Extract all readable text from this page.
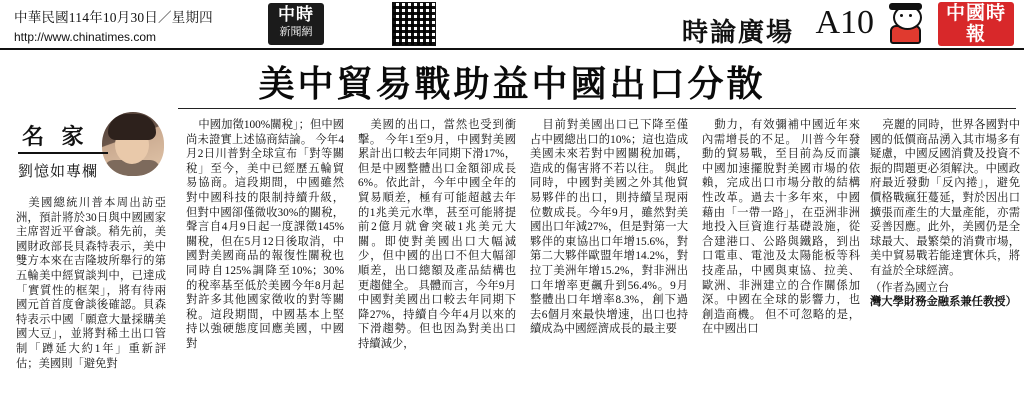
中華民國114年10月30日／星期四
http://www.chinatimes.com
中時
新聞網	時論廣場 A10	中國時報
美中貿易戰助益中國出口分散
名 家
劉憶如專欄

美國總統川普本周出訪亞洲，預計將於30日與中國國家主席習近平會談。稍先前，美國財政部長貝森特表示，美中雙方本來在吉隆坡所舉行的第五輪美中經貿談判中，已達成「實質性的框架」，將有待兩國元首首度會談後確認。貝森特表示中國「願意大量採購美國大豆」，並將對稀土出口管制「蹲延大約1年」重新評估；美國則「避免對

中國加徵100%關稅」；但中國尚未證實上述協商結論。 今年4月2日川普對全球宣布「對等關稅」至今，美中已經歷五輪貿易協商。這段期間，中國雖然對中國科技的限制持續升級，但對中國卻僅微收30%的關稅，聲言自4月9日起一度課徵145%關稅，但在5月12日後取消，中國對美國商品的報復性關稅也同時自125%調降至10%；30%的稅率基至低於美國今年8月起對許多其他國家徵收的對等關稅。這段期間，中國基本上堅持以強硬態度回應美國，中國對

美國的出口，當然也受到衝擊。 今年1至9月，中國對美國累計出口較去年同期下滑17%，但是中國整體出口金額卻成長6%。依此計，今年中國全年的貿易順差，極有可能超越去年的1兆美元水準，甚至可能將提前2億月就會突破1兆美元大關。即使對美國出口大幅減少，但中國的出口不但大幅卻順差，出口總額及產品結構也更趨健全。 具體而言，今年9月中國對美國出口較去年同期下降27%，持續自今年4月以來的下滑趨勢。但也因為對美出口持續減少，

目前對美國出口已下降至僅占中國總出口的10%；這也造成美國未來若對中國關稅加碼，造成的傷害將不若以往。 與此同時，中國對美國之外其他貿易夥伴的出口，則持續呈現兩位數成長。今年9月，雖然對美國出口年減27%，但是對第一大夥伴的東協出口年增15.6%，對第二大夥伴歐盟年增14.2%，對拉丁美洲年增15.2%，對非洲出口年增率更飆升到56.4%。9月整體出口年增率8.3%，創下過去6個月來最快增速，出口也持續成為中國經濟成長的最主要

動力，有效彌補中國近年來內需增長的不足。 川普今年發動的貿易戰，至目前為反而讓中國加速擺脫對美國市場的依賴，完成出口市場分散的結構性改革。過去十多年來，中國藉由「一帶一路」，在亞洲非洲地投入巨資進行基礎設施，從合建港口、公路與鐵路，到出口電車、電池及太陽能板等科技產品，中國與東協、拉美、歐洲、非洲建立的合作關係加深。中國在全球的影響力，也創造商機。 但不可忽略的是，在中國出口

亮麗的同時，世界各國對中國的低價商品湧入其市場多有疑慮，中國反國消費及投資不振的問題更必須解決。中國政府最近發動「反內捲」，避免價格戰瘋狂蔓延，對於因出口擴張而產生的大量產能，亦需妥善因應。此外，美國仍是全球最大、最繁榮的消費市場，美中貿易戰若能達實休兵，將有益於全球經濟。

（作者為國立台
灣大學財務金融系兼任教授）
